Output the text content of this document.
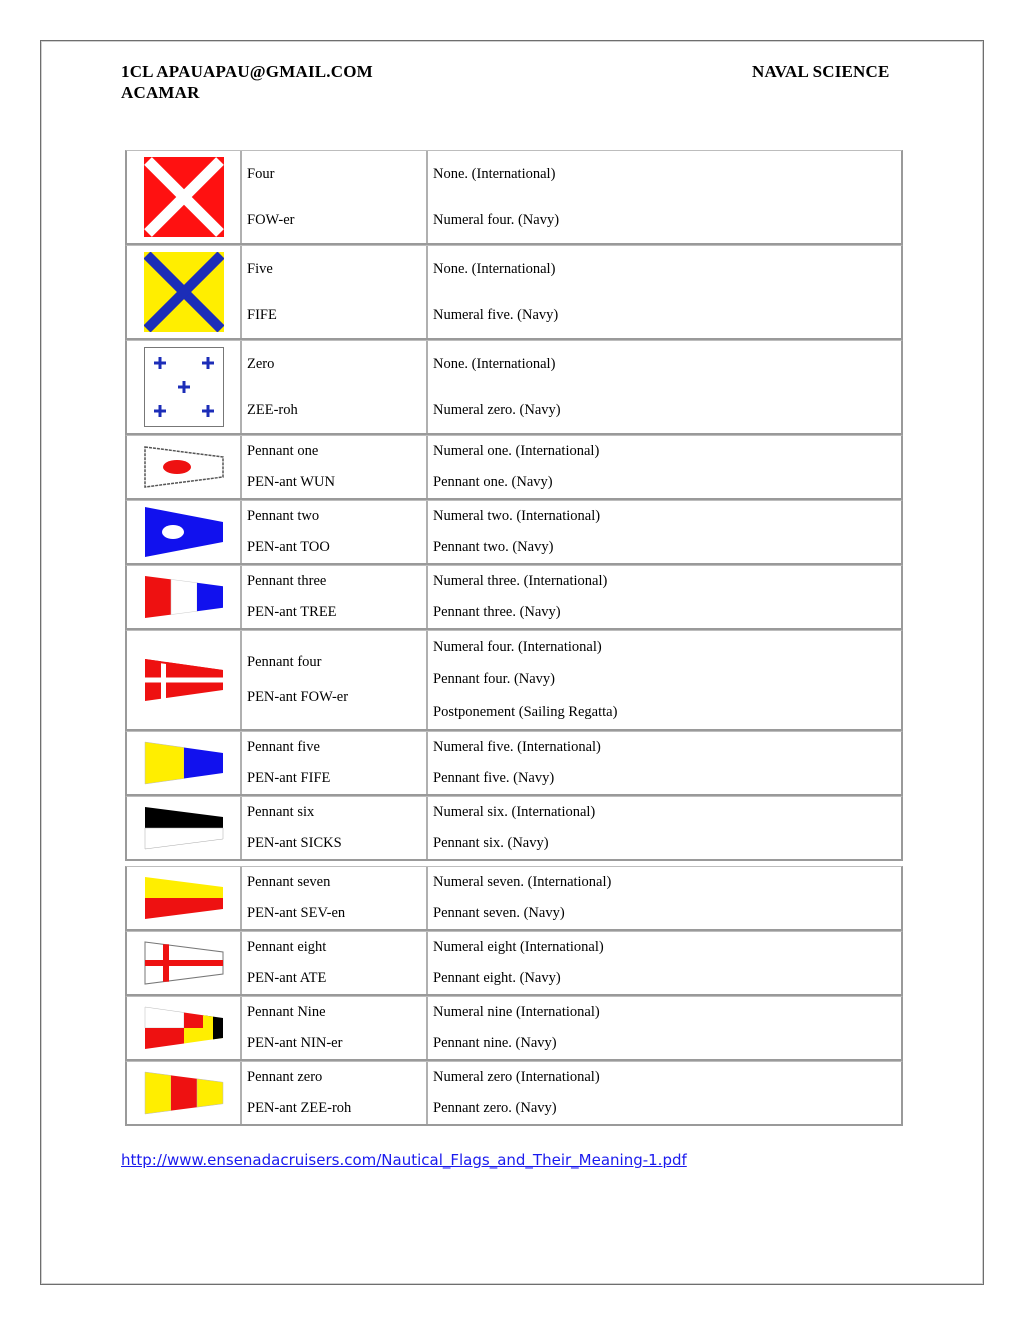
1CL APAUAPAU@GMAIL.COM
ACAMAR
NAVAL SCIENCE
Four
FOW-er
None. (International)
Numeral four. (Navy)
Five
FIFE
None. (International)
Numeral five. (Navy)
Zero
ZEE-roh
None. (International)
Numeral zero. (Navy)
Pennant one
PEN-ant WUN
Numeral one. (International)
Pennant one. (Navy)
Pennant two
PEN-ant TOO
Numeral two. (International)
Pennant two. (Navy)
Pennant three
PEN-ant TREE
Numeral three. (International)
Pennant three. (Navy)
Pennant four
PEN-ant FOW-er
Numeral four. (International)
Pennant four. (Navy)
Postponement (Sailing Regatta)
Pennant five
PEN-ant FIFE
Numeral five. (International)
Pennant five. (Navy)
Pennant six
PEN-ant SICKS
Numeral six. (International)
Pennant six. (Navy)
Pennant seven
PEN-ant SEV-en
Numeral seven. (International)
Pennant seven. (Navy)
Pennant eight
PEN-ant ATE
Numeral eight (International)
Pennant eight. (Navy)
Pennant Nine
PEN-ant NIN-er
Numeral nine (International)
Pennant nine. (Navy)
Pennant zero
PEN-ant ZEE-roh
Numeral zero (International)
Pennant zero. (Navy)
http://www.ensenadacruisers.com/Nautical_Flags_and_Their_Meaning-1.pdf
